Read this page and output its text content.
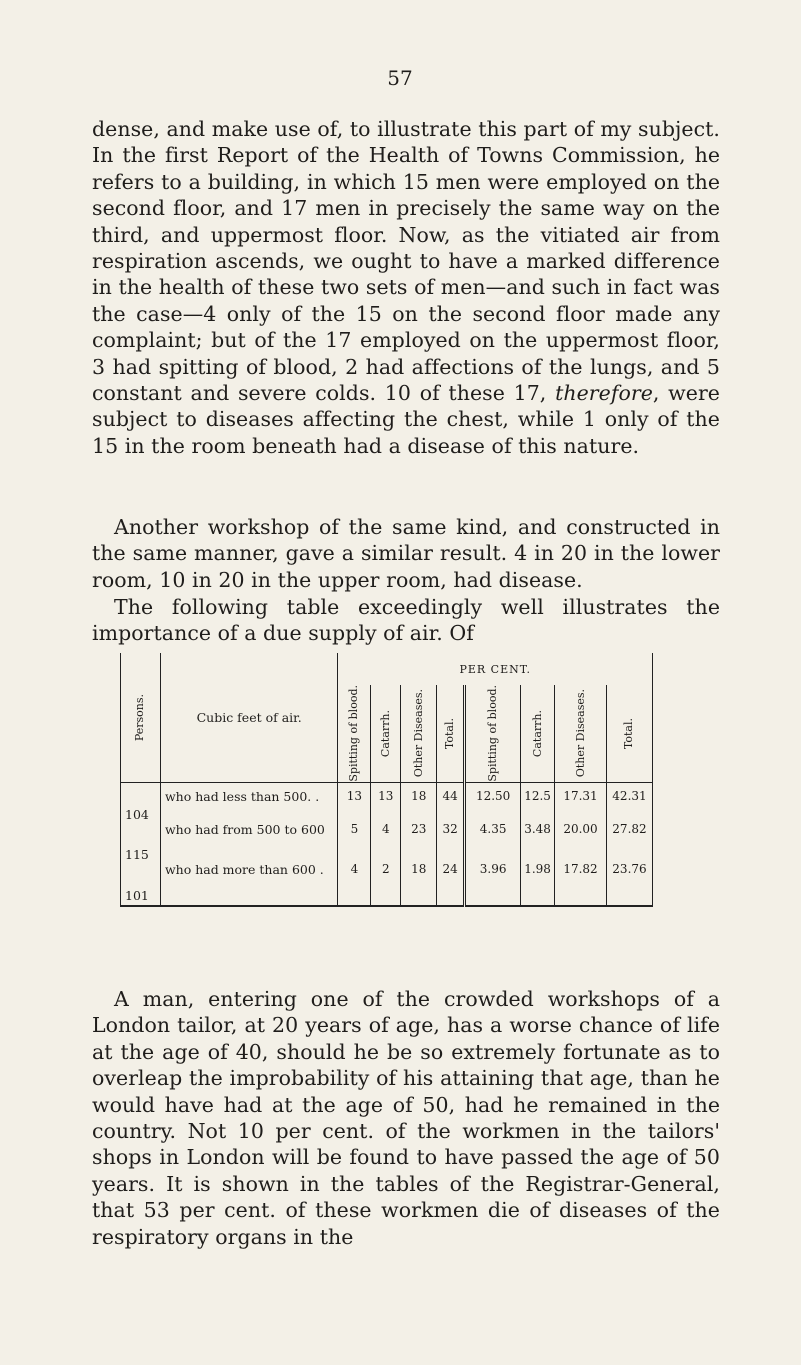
57

dense, and make use of, to illustrate this part of my subject. In the first Report of the Health of Towns Commission, he refers to a building, in which 15 men were employed on the second floor, and 17 men in precisely the same way on the third, and uppermost floor. Now, as the vitiated air from respiration ascends, we ought to have a marked difference in the health of these two sets of men—and such in fact was the case—4 only of the 15 on the second floor made any complaint; but of the 17 employed on the uppermost floor, 3 had spitting of blood, 2 had affections of the lungs, and 5 constant and severe colds. 10 of these 17, therefore, were subject to diseases affecting the chest, while 1 only of the 15 in the room beneath had a disease of this nature.

Another workshop of the same kind, and constructed in the same manner, gave a similar result. 4 in 20 in the lower room, 10 in 20 in the upper room, had disease.

The following table exceedingly well illustrates the importance of a due supply of air. Of

Persons.	Cubic feet of air.	PER CENT.							

		Spitting of blood.	Catarrh.	Other Diseases.	Total.	Spitting of blood.	Catarrh.	Other Diseases.	Total.

104	who had less than 500. .	13	13	18	44	12.50	12.5	17.31	42.31
115	who had from 500 to 600	5	4	23	32	4.35	3.48	20.00	27.82
101	who had more than 600 .	4	2	18	24	3.96	1.98	17.82	23.76

A man, entering one of the crowded workshops of a London tailor, at 20 years of age, has a worse chance of life at the age of 40, should he be so extremely fortunate as to overleap the improbability of his attaining that age, than he would have had at the age of 50, had he remained in the country. Not 10 per cent. of the workmen in the tailors' shops in London will be found to have passed the age of 50 years. It is shown in the tables of the Registrar-General, that 53 per cent. of these workmen die of diseases of the respiratory organs in the
